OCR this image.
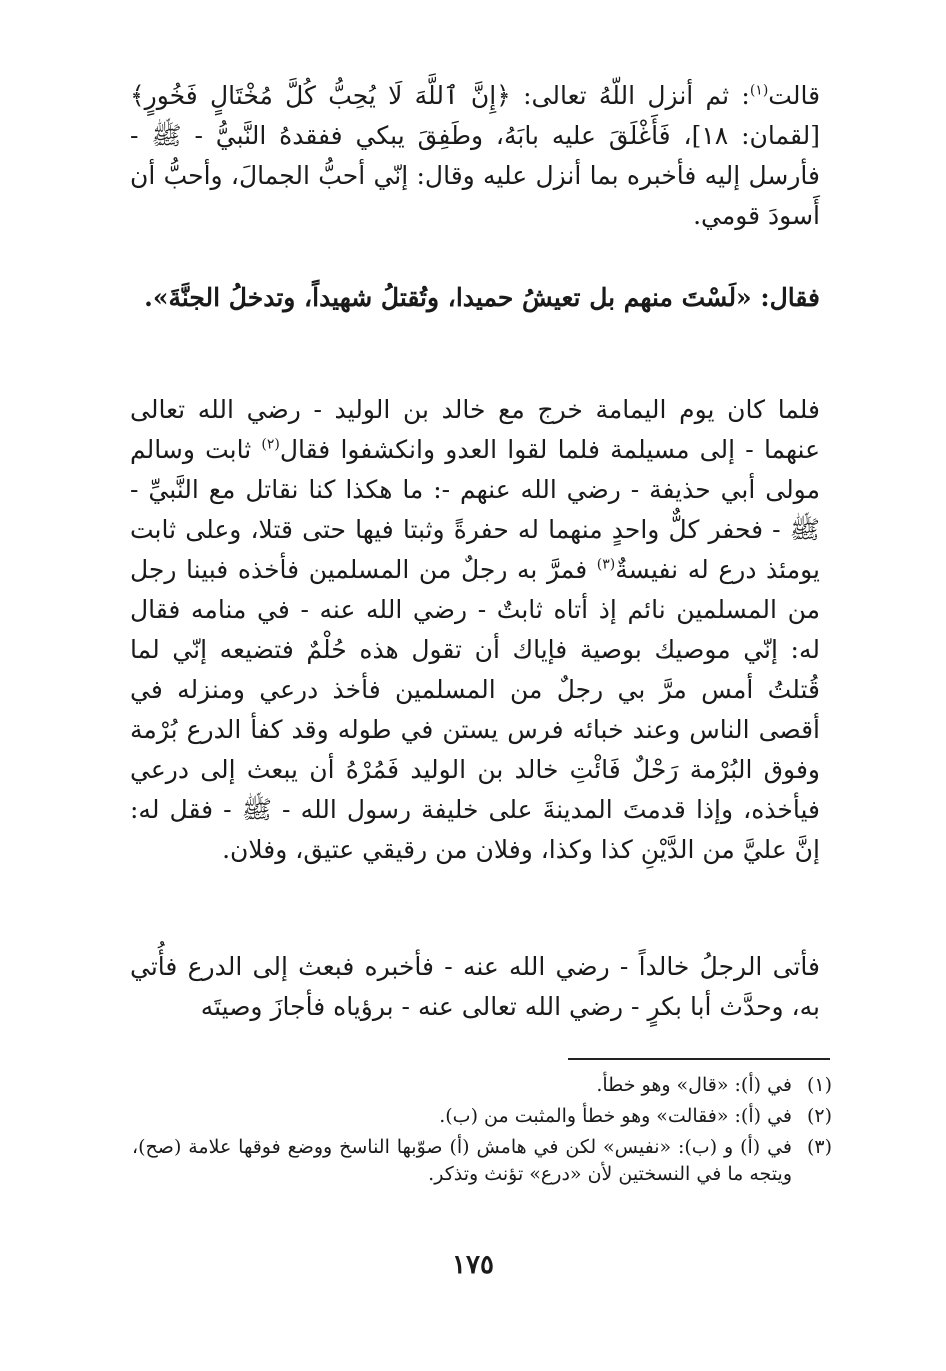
قالت$^{(١)}$: ثم أنزل اللّهُ تعالى: ﴿إِنَّ ٱللَّهَ لَا يُحِبُّ كُلَّ مُخْتَالٍ فَخُورٍ﴾ [لقمان: ١٨]، فَأَغْلَقَ عليه بابَهُ، وطَفِقَ يبكي ففقدهُ النَّبيُّ - ﷺ - فأرسل إليه فأخبره بما أنزل عليه وقال: إنّي أحبُّ الجمالَ، وأحبُّ أن أَسودَ قومي.

فقال: «لَسْتَ منهم بل تعيشُ حميدا، وتُقتلُ شهيداً، وتدخلُ الجنَّةَ».

فلما كان يوم اليمامة خرج مع خالد بن الوليد - رضي الله تعالى عنهما - إلى مسيلمة فلما لقوا العدو وانكشفوا فقال$^{(٢)}$ ثابت وسالم مولى أبي حذيفة - رضي الله عنهم -: ما هكذا كنا نقاتل مع النَّبيِّ - ﷺ - فحفر كلٌّ واحدٍ منهما له حفرةً وثبتا فيها حتى قتلا، وعلى ثابت يومئذ درع له نفيسةٌ$^{(٣)}$ فمرَّ به رجلٌ من المسلمين فأخذه فبينا رجل من المسلمين نائم إذ أتاه ثابتٌ - رضي الله عنه - في منامه فقال له: إنّي موصيك بوصية فإياك أن تقول هذه حُلْمٌ فتضيعه إنّي لما قُتلتُ أمس مرَّ بي رجلٌ من المسلمين فأخذ درعي ومنزله في أقصى الناس وعند خبائه فرس يستن في طوله وقد كفأ الدرع بُرْمة وفوق البُرْمة رَحْلٌ فَائْتِ خالد بن الوليد فَمُرْهُ أن يبعث إلى درعي فيأخذه، وإذا قدمتَ المدينةَ على خليفة رسول الله - ﷺ - فقل له: إنَّ عليَّ من الدَّيْنِ كذا وكذا، وفلان من رقيقي عتيق، وفلان.

فأتى الرجلُ خالداً - رضي الله عنه - فأخبره فبعث إلى الدرع فأُتي به، وحدَّث أبا بكرٍ - رضي الله تعالى عنه - برؤياه فأجازَ وصيتَه

(١)
في (أ): «قال» وهو خطأ.
(٢)
في (أ): «فقالت» وهو خطأ والمثبت من (ب).
(٣)
في (أ) و (ب): «نفيس» لكن في هامش (أ) صوّبها الناسخ ووضع فوقها علامة (صح)، ويتجه ما في النسختين لأن «درع» تؤنث وتذكر.
١٧٥
